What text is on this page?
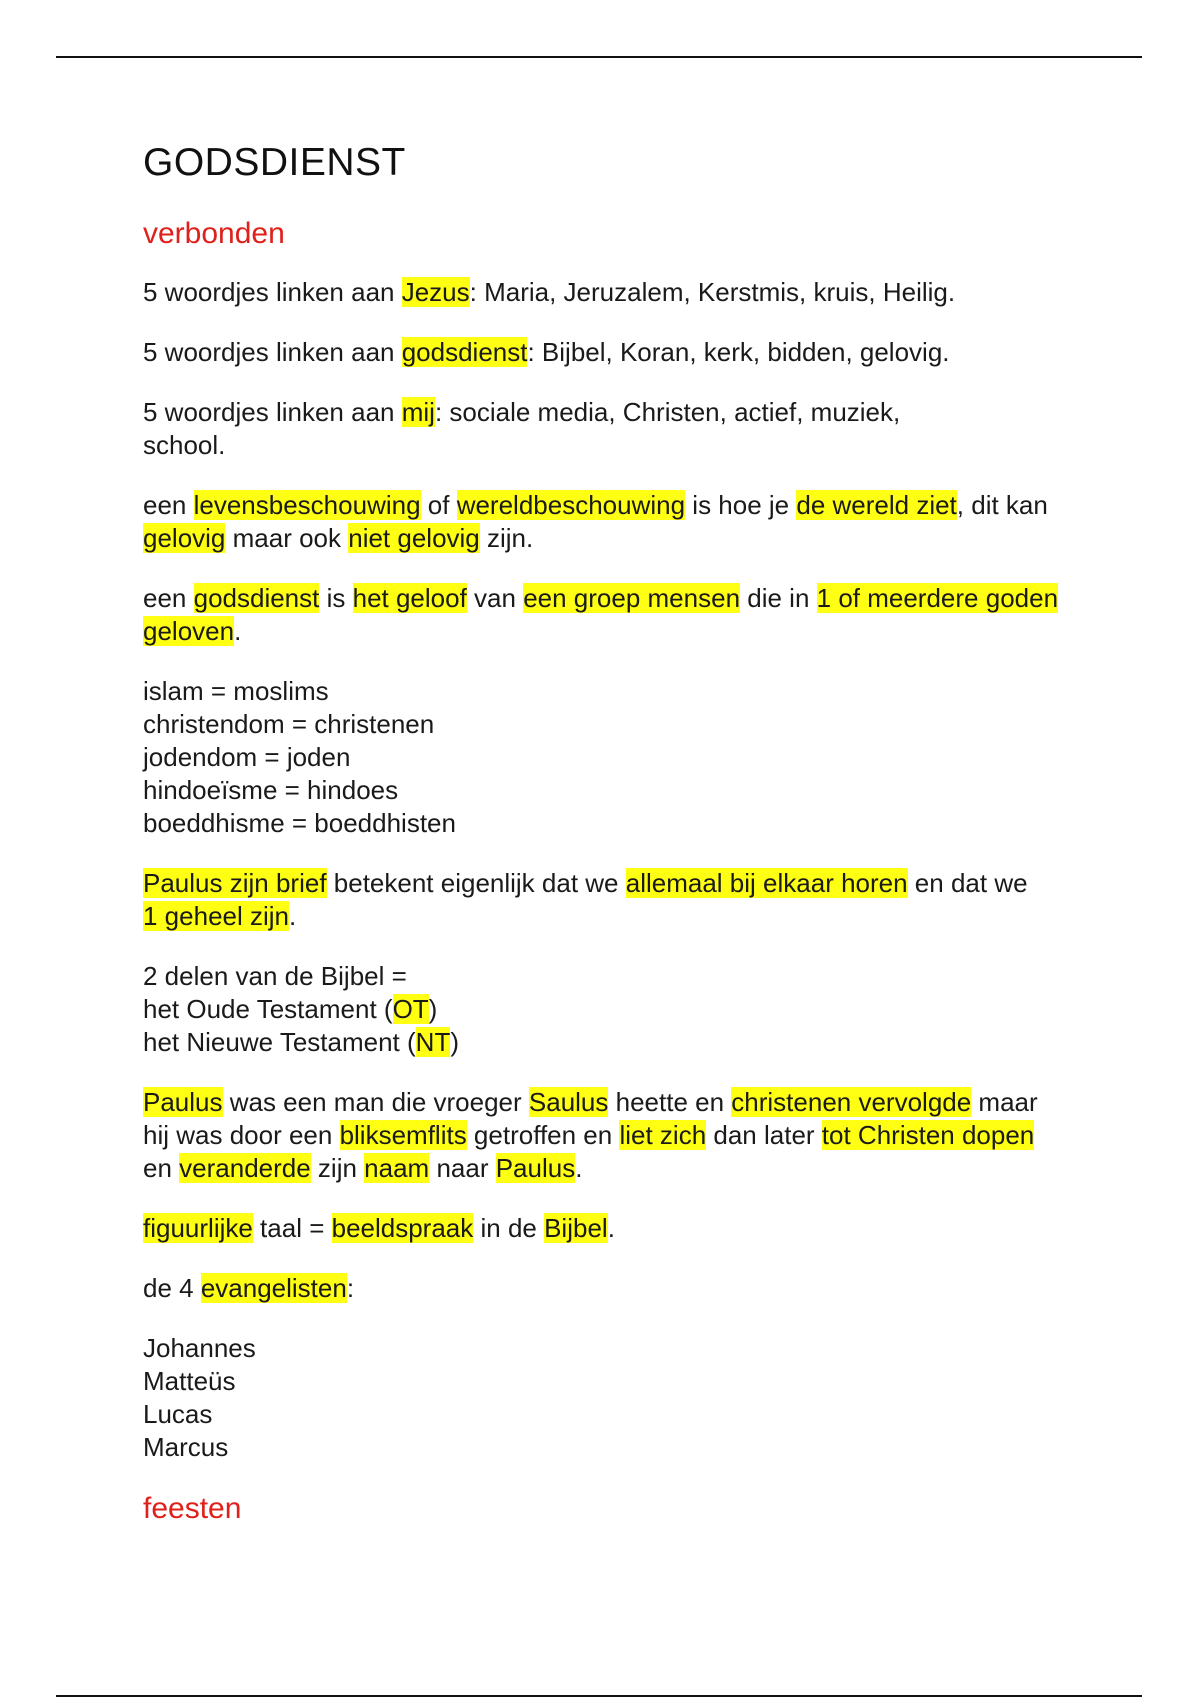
GODSDIENST
verbonden

5 woordjes linken aan Jezus: Maria, Jeruzalem, Kerstmis, kruis, Heilig.

5 woordjes linken aan godsdienst: Bijbel, Koran, kerk, bidden, gelovig.

5 woordjes linken aan mij: sociale media, Christen, actief, muziek, school.

een levensbeschouwing of wereldbeschouwing is hoe je de wereld ziet, dit kan gelovig maar ook niet gelovig zijn.

een godsdienst is het geloof van een groep mensen die in 1 of meerdere goden geloven.

islam = moslims
christendom = christenen
jodendom = joden
hindoeïsme = hindoes
boeddhisme = boeddhisten

Paulus zijn brief betekent eigenlijk dat we allemaal bij elkaar horen en dat we 1 geheel zijn.

2 delen van de Bijbel =
het Oude Testament (OT)
het Nieuwe Testament (NT)

Paulus was een man die vroeger Saulus heette en christenen vervolgde maar hij was door een bliksemflits getroffen en liet zich dan later tot Christen dopen en veranderde zijn naam naar Paulus.

figuurlijke taal = beeldspraak in de Bijbel.

de 4 evangelisten:

Johannes
Matteüs
Lucas
Marcus

feesten
